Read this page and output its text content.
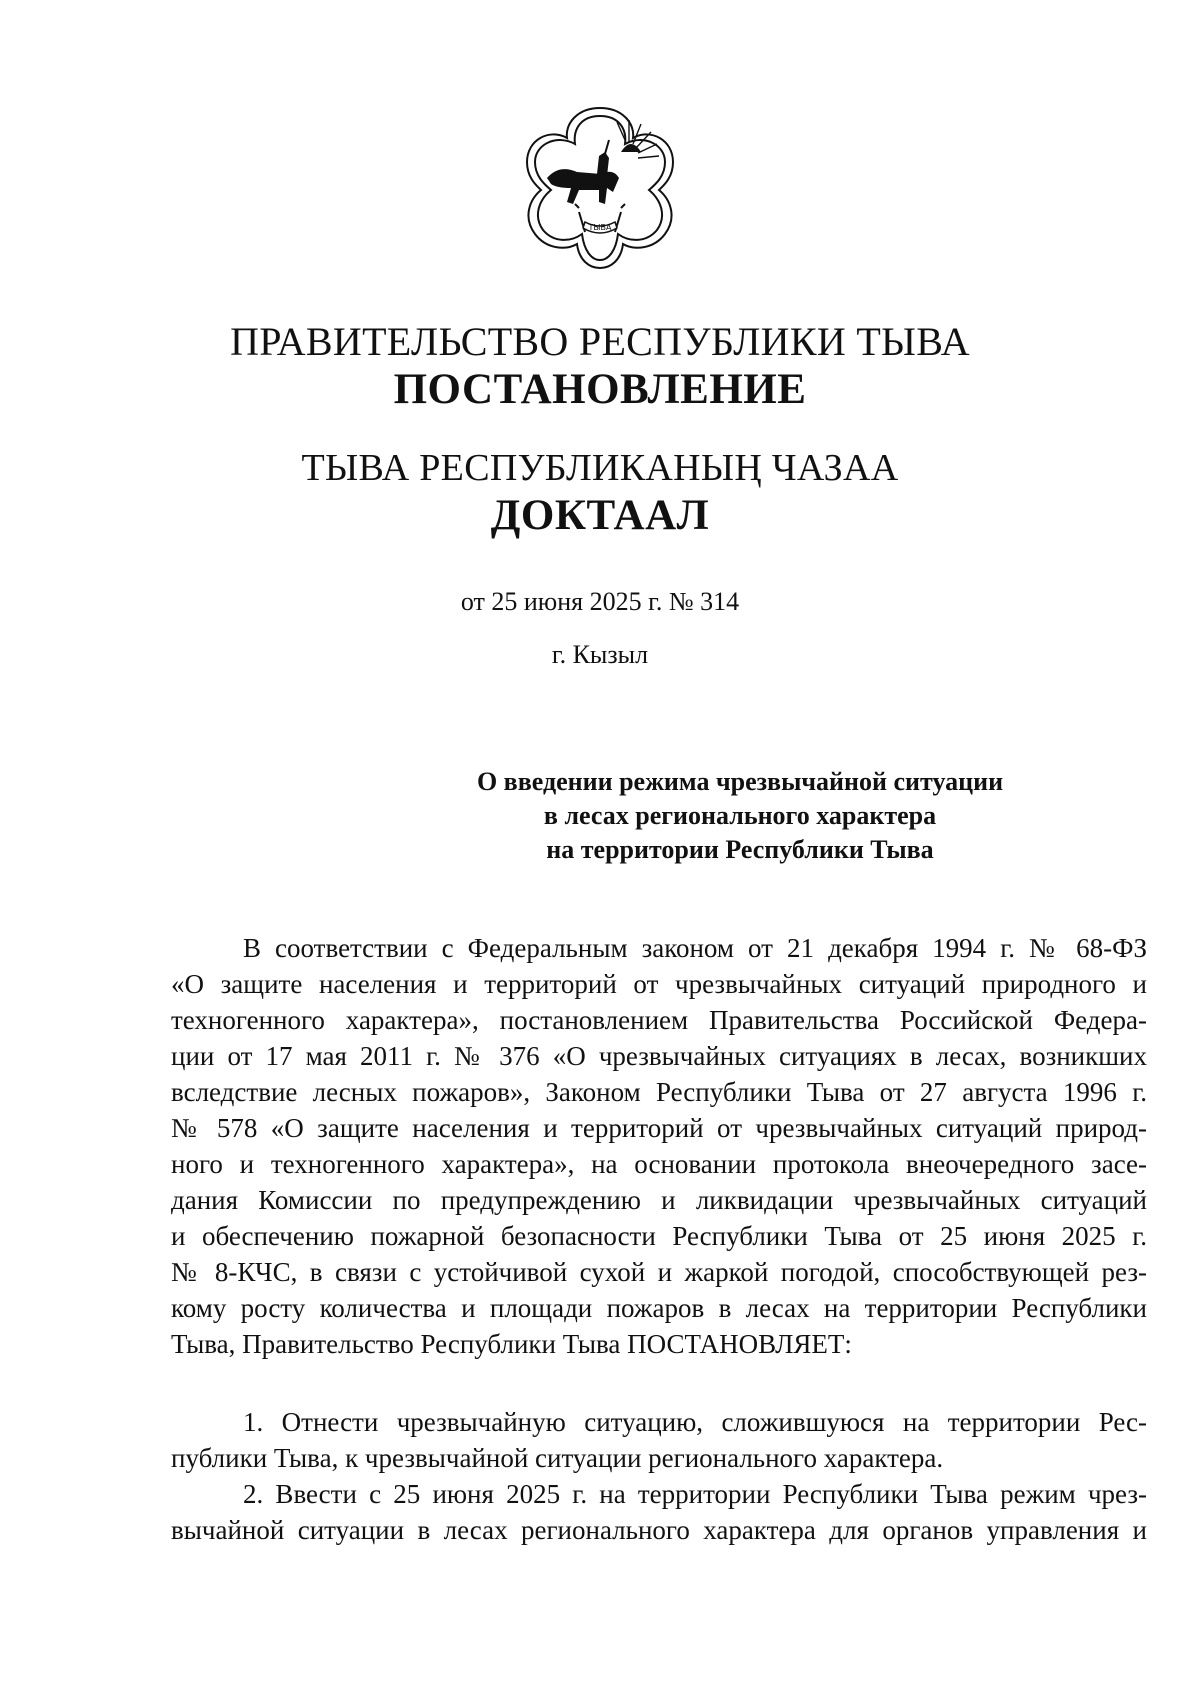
ТЫВА
ПРАВИТЕЛЬСТВО РЕСПУБЛИКИ ТЫВА
ПОСТАНОВЛЕНИЕ
ТЫВА РЕСПУБЛИКАНЫҢ ЧАЗАА
ДОКТААЛ
от 25 июня 2025 г. № 314
г. Кызыл
О введении режима чрезвычайной ситуации
в лесах регионального характера
на территории Республики Тыва
В соответствии с Федеральным законом от 21 декабря 1994 г. № 68-ФЗ
«О защите населения и территорий от чрезвычайных ситуаций природного и
техногенного характера», постановлением Правительства Российской Федера-
ции от 17 мая 2011 г. № 376 «О чрезвычайных ситуациях в лесах, возникших
вследствие лесных пожаров», Законом Республики Тыва от 27 августа 1996 г.
№ 578 «О защите населения и территорий от чрезвычайных ситуаций природ-
ного и техногенного характера», на основании протокола внеочередного засе-
дания Комиссии по предупреждению и ликвидации чрезвычайных ситуаций
и обеспечению пожарной безопасности Республики Тыва от 25 июня 2025 г.
№ 8-КЧС, в связи с устойчивой сухой и жаркой погодой, способствующей рез-
кому росту количества и площади пожаров в лесах на территории Республики
Тыва, Правительство Республики Тыва ПОСТАНОВЛЯЕТ:
1. Отнести чрезвычайную ситуацию, сложившуюся на территории Рес-
публики Тыва, к чрезвычайной ситуации регионального характера.
2. Ввести с 25 июня 2025 г. на территории Республики Тыва режим чрез-
вычайной ситуации в лесах регионального характера для органов управления и
